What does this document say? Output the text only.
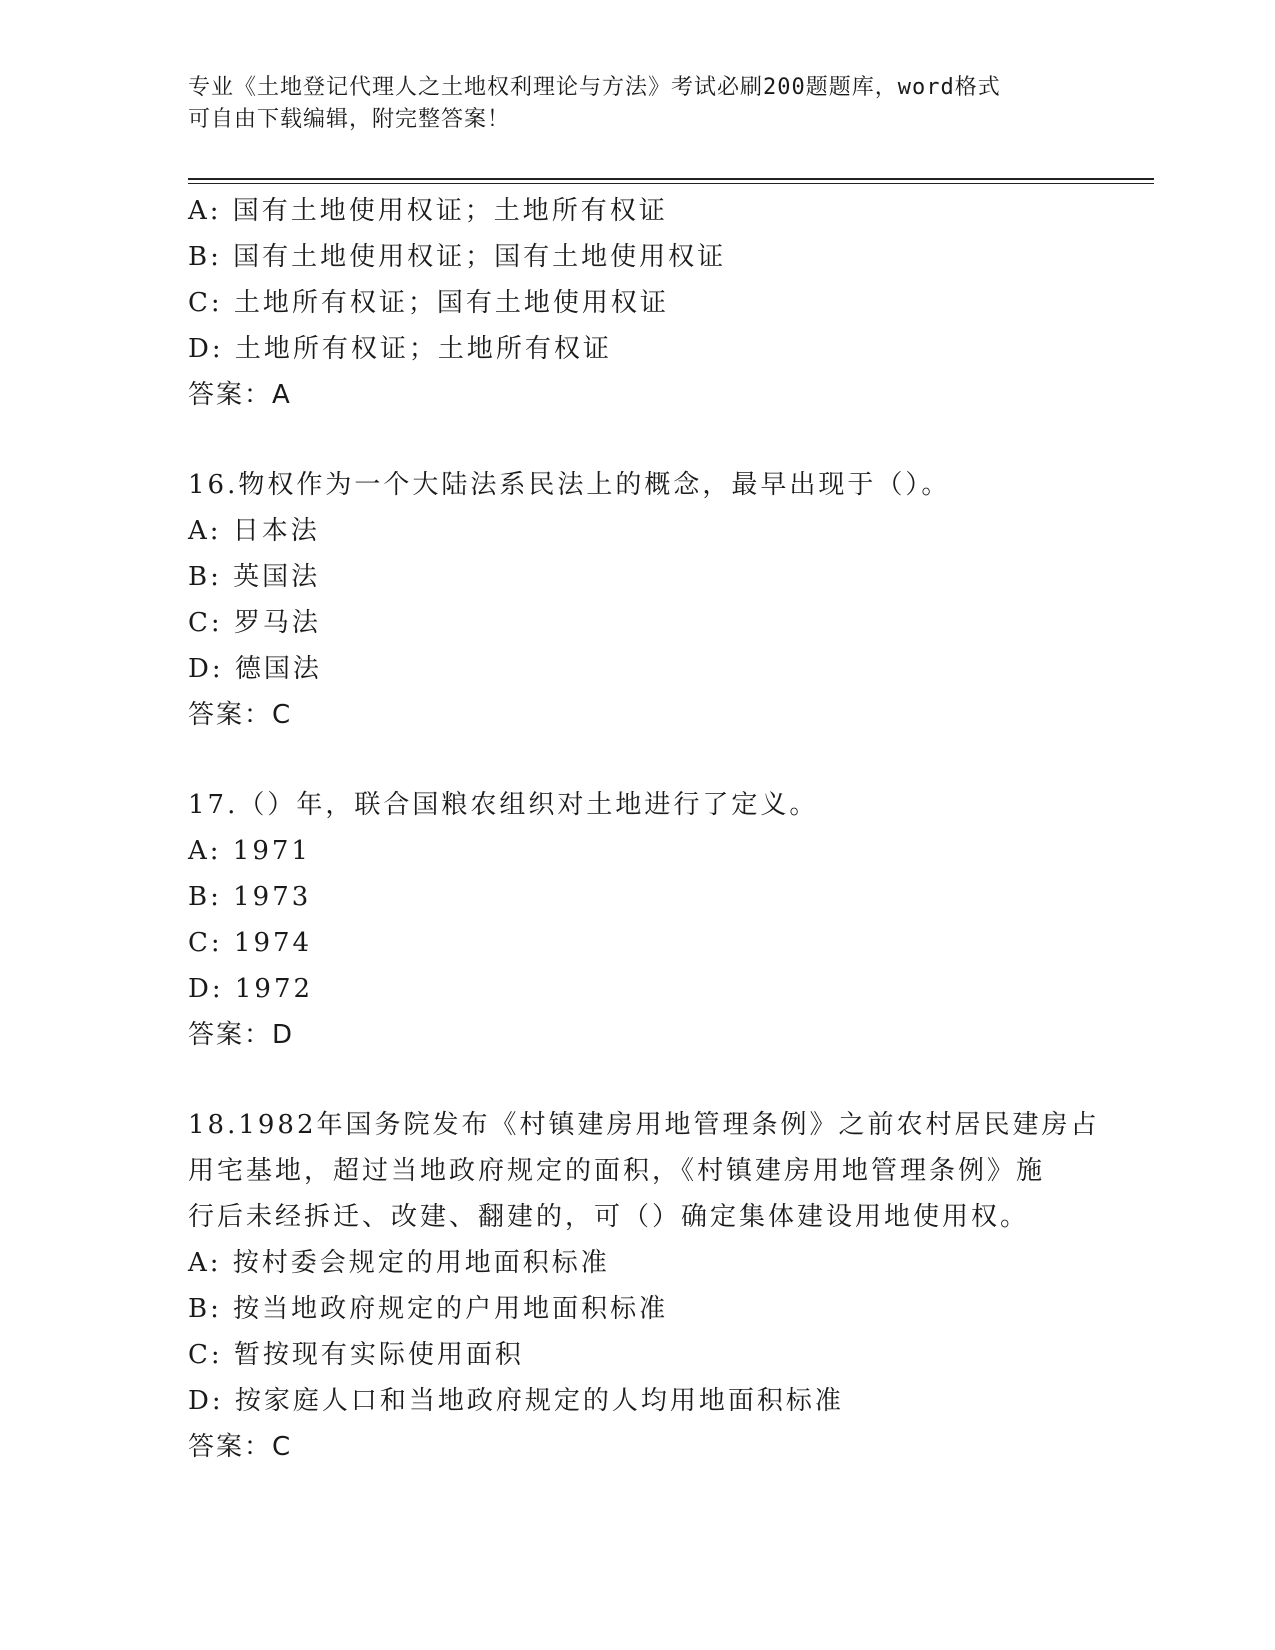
专业《土地登记代理人之土地权利理论与方法》考试必刷200题题库，word格式
可自由下载编辑，附完整答案！
A: 国有土地使用权证；土地所有权证
B: 国有土地使用权证；国有土地使用权证
C: 土地所有权证；国有土地使用权证
D: 土地所有权证；土地所有权证
答案：A
16.物权作为一个大陆法系民法上的概念，最早出现于（）。
A: 日本法
B: 英国法
C: 罗马法
D: 德国法
答案：C
17.（）年，联合国粮农组织对土地进行了定义。
A: 1971
B: 1973
C: 1974
D: 1972
答案：D
18.1982年国务院发布《村镇建房用地管理条例》之前农村居民建房占
用宅基地，超过当地政府规定的面积，《村镇建房用地管理条例》施
行后未经拆迁、改建、翻建的，可（）确定集体建设用地使用权。
A: 按村委会规定的用地面积标准
B: 按当地政府规定的户用地面积标准
C: 暂按现有实际使用面积
D: 按家庭人口和当地政府规定的人均用地面积标准
答案：C
